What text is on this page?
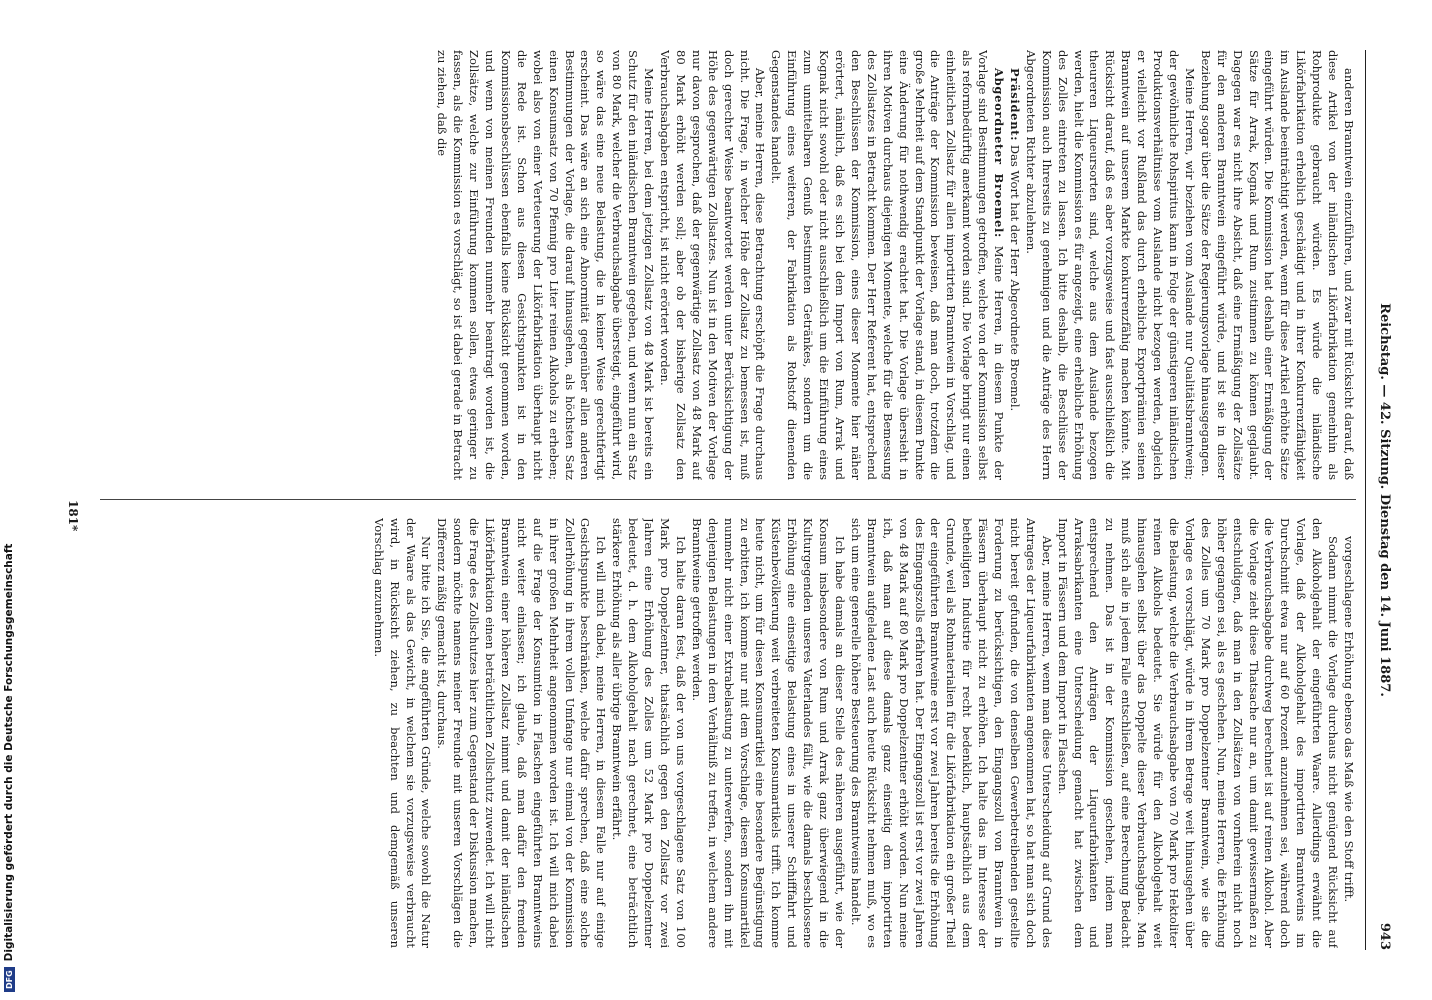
Reichstag. — 42. Sitzung. Dienstag den 14. Juni 1887.
943

anderen Branntwein einzuführen, und zwar mit Rücksicht darauf, daß diese Artikel von der inländischen Likörfabrikation gemeinhin als Rohprodukte gebraucht würden. Es würde die inländische Likörfabrikation erheblich geschädigt und in ihrer Konkurrenzfähigkeit im Auslande beeinträchtigt werden, wenn für diese Artikel erhöhte Sätze eingeführt würden. Die Kommission hat deshalb einer Ermäßigung der Sätze für Arrak, Kognak und Rum zustimmen zu können geglaubt. Dagegen war es nicht ihre Absicht, daß eine Ermäßigung der Zollsätze für den anderen Branntwein eingeführt würde, und ist sie in dieser Beziehung sogar über die Sätze der Regierungsvorlage hinausgegangen.

Meine Herren, wir beziehen vom Auslande nur Qualitätsbranntwein; der gewöhnliche Rohspiritus kann in Folge der günstigeren inländischen Produktionsverhältnisse vom Auslande nicht bezogen werden, obgleich er vielleicht vor Rußland das durch erhebliche Exportprämien seinen Branntwein auf unserem Markte konkurrenzfähig machen könnte. Mit Rücksicht darauf, daß es aber vorzugsweise und fast ausschließlich die theureren Liqueursorten sind, welche aus dem Auslande bezogen werden, hielt die Kommission es für angezeigt, eine erhebliche Erhöhung des Zolles eintreten zu lassen. Ich bitte deshalb, die Beschlüsse der Kommission auch Ihrerseits zu genehmigen und die Anträge des Herrn Abgeordneten Richter abzulehnen.

Präsident: Das Wort hat der Herr Abgeordnete Broemel.

Abgeordneter Broemel: Meine Herren, in diesem Punkte der Vorlage sind Bestimmungen getroffen, welche von der Kommission selbst als reformbedürftig anerkannt worden sind. Die Vorlage bringt nur einen einheitlichen Zollsatz für allen importirten Branntwein in Vorschlag, und die Anträge der Kommission beweisen, daß man doch, trotzdem die große Mehrheit auf dem Standpunkt der Vorlage stand, in diesem Punkte eine Änderung für nothwendig erachtet hat. Die Vorlage übersieht in ihren Motiven durchaus diejenigen Momente, welche für die Bemessung des Zollsatzes in Betracht kommen. Der Herr Referent hat, entsprechend den Beschlüssen der Kommission, eines dieser Momente hier näher erörtert, nämlich, daß es sich bei dem Import von Rum, Arrak und Kognak nicht sowohl oder nicht ausschließlich um die Einführung eines zum unmittelbaren Genuß bestimmten Getränkes, sondern um die Einführung eines weiteren, der Fabrikation als Rohstoff dienenden Gegenstandes handelt.

Aber, meine Herren, diese Betrachtung erschöpft die Frage durchaus nicht. Die Frage, in welcher Höhe der Zollsatz zu bemessen ist, muß doch gerechter Weise beantwortet werden unter Berücksichtigung der Höhe des gegenwärtigen Zollsatzes. Nun ist in den Motiven der Vorlage nur davon gesprochen, daß der gegenwärtige Zollsatz von 48 Mark auf 80 Mark erhöht werden soll; aber ob der bisherige Zollsatz den Verbrauchsabgaben entspricht, ist nicht erörtert worden.

Meine Herren, bei dem jetzigen Zollsatz von 48 Mark ist bereits ein Schutz für den inländischen Branntwein gegeben, und wenn nun ein Satz von 80 Mark, welcher die Verbrauchsabgabe übersteigt, eingeführt wird, so wäre das eine neue Belastung, die in keiner Weise gerechtfertigt erscheint. Das wäre an sich eine Abnormität gegenüber allen anderen Bestimmungen der Vorlage, die darauf hinausgehen, als höchsten Satz einen Konsumsatz von 70 Pfennig pro Liter reinen Alkohols zu erheben; wobei also von einer Verteuerung der Likörfabrikation überhaupt nicht die Rede ist. Schon aus diesen Gesichtspunkten ist in den Kommissionsbeschlüssen ebenfalls keine Rücksicht genommen worden, und wenn von meinen Freunden nunmehr beantragt worden ist, die Zollsätze, welche zur Einführung kommen sollen, etwas geringer zu fassen, als die Kommission es vorschlägt, so ist dabei gerade in Betracht zu ziehen, daß die

vorgeschlagene Erhöhung ebenso das Maß wie den Stoff trifft.

Sodann nimmt die Vorlage durchaus nicht genügend Rücksicht auf den Alkoholgehalt der eingeführten Waare. Allerdings erwähnt die Vorlage, daß der Alkoholgehalt des importirten Branntweins im Durchschnitt etwa nur auf 60 Prozent anzunehmen sei, während doch die Verbrauchsabgabe durchweg berechnet ist auf reinen Alkohol. Aber die Vorlage zieht diese Thatsache nur an, um damit gewissermaßen zu entschuldigen, daß man in den Zollsätzen von vornherein nicht noch höher gegangen sei, als es geschehen. Nun, meine Herren, die Erhöhung des Zolles um 70 Mark pro Doppelzentner Branntwein, wie sie die Vorlage es vorschlägt, würde in ihrem Betrage weit hinausgehen über die Belastung, welche die Verbrauchsabgabe von 70 Mark pro Hektoliter reinen Alkohols bedeutet. Sie würde für den Alkoholgehalt weit hinausgehen selbst über das Doppelte dieser Verbrauchsabgabe. Man muß sich alle in jedem Falle entschließen, auf eine Berechnung Bedacht zu nehmen. Das ist in der Kommission geschehen, indem man entsprechend den Anträgen der Liqueurfabrikanten und Arraksabrikanten eine Unterscheidung gemacht hat zwischen dem Import in Fässern und dem Import in Flaschen.

Aber, meine Herren, wenn man diese Unterscheidung auf Grund des Antrages der Liqueurfabrikanten angenommen hat, so hat man sich doch nicht bereit gefunden, die von denselben Gewerbetreibenden gestellte Forderung zu berücksichtigen, den Eingangszoll von Branntwein in Fässern überhaupt nicht zu erhöhen. Ich halte das im Interesse der betheiligten Industrie für recht bedenklich, hauptsächlich aus dem Grunde, weil als Rohmaterialien für die Likörfabrikation ein großer Theil der eingeführten Branntweine erst vor zwei Jahren bereits die Erhöhung des Eingangszolls erfahren hat. Der Eingangszoll ist erst vor zwei Jahren von 48 Mark auf 80 Mark pro Doppelzentner erhöht worden. Nun meine ich, daß man auf diese damals ganz einseitig dem importirten Branntwein aufgeladene Last auch heute Rücksicht nehmen muß, wo es sich um eine generelle höhere Besteuerung des Branntweins handelt.

Ich habe damals an dieser Stelle des näheren ausgeführt, wie der Konsum insbesondere von Rum und Arrak ganz überwiegend in die Kulturgegenden unseres Vaterlandes fällt, wie die damals beschlossene Erhöhung eine einseitige Belastung eines in unserer Schifffahrt und Küstenbevölkerung weit verbreiteten Konsumartikels trifft. Ich komme heute nicht, um für diesen Konsumartikel eine besondere Begünstigung zu erbitten, ich komme nur mit dem Vorschlage, diesem Konsumartikel nunmehr nicht einer Extrabelastung zu unterwerfen, sondern ihn mit denjenigen Belastungen in dem Verhältniß zu treffen, in welchem andere Branntweine getroffen werden.

Ich halte daran fest, daß der von uns vorgeschlagene Satz von 100 Mark pro Doppelzentner, thatsächlich gegen den Zollsatz vor zwei Jahren eine Erhöhung des Zolles um 52 Mark pro Doppelzentner bedeutet, d. h. dem Alkoholgehalt nach gerechnet, eine beträchtlich stärkere Erhöhung als aller übrige Branntwein erfährt.

Ich will mich dabei, meine Herren, in diesem Falle nur auf einige Gesichtspunkte beschränken, welche dafür sprechen, daß eine solche Zollerhöhung in ihrem vollen Umfange nur einmal von der Kommission in ihrer großen Mehrheit angenommen worden ist. Ich will mich dabei auf die Frage der Konsumtion in Flaschen eingeführten Branntweins nicht weiter einlassen; ich glaube, daß man dafür den fremden Branntwein einer höheren Zollsatz nimmt und damit der inländischen Likörfabrikation einen beträchtlichen Zollschutz zuwendet. Ich will nicht die Frage des Zollschutzes hier zum Gegenstand der Diskussion machen, sondern möchte namens meiner Freunde mit unseren Vorschlägen die Differenz mäßig gemacht ist, durchaus.

Nur bitte ich Sie, die angeführten Gründe, welche sowohl die Natur der Waare als das Gewicht, in welchem sie vorzugsweise verbraucht wird, in Rücksicht ziehen, zu beachten und demgemäß unseren Vorschlag anzunehmen.

181*
DFGDigitalisierung gefördert durch die Deutsche Forschungsgemeinschaft
